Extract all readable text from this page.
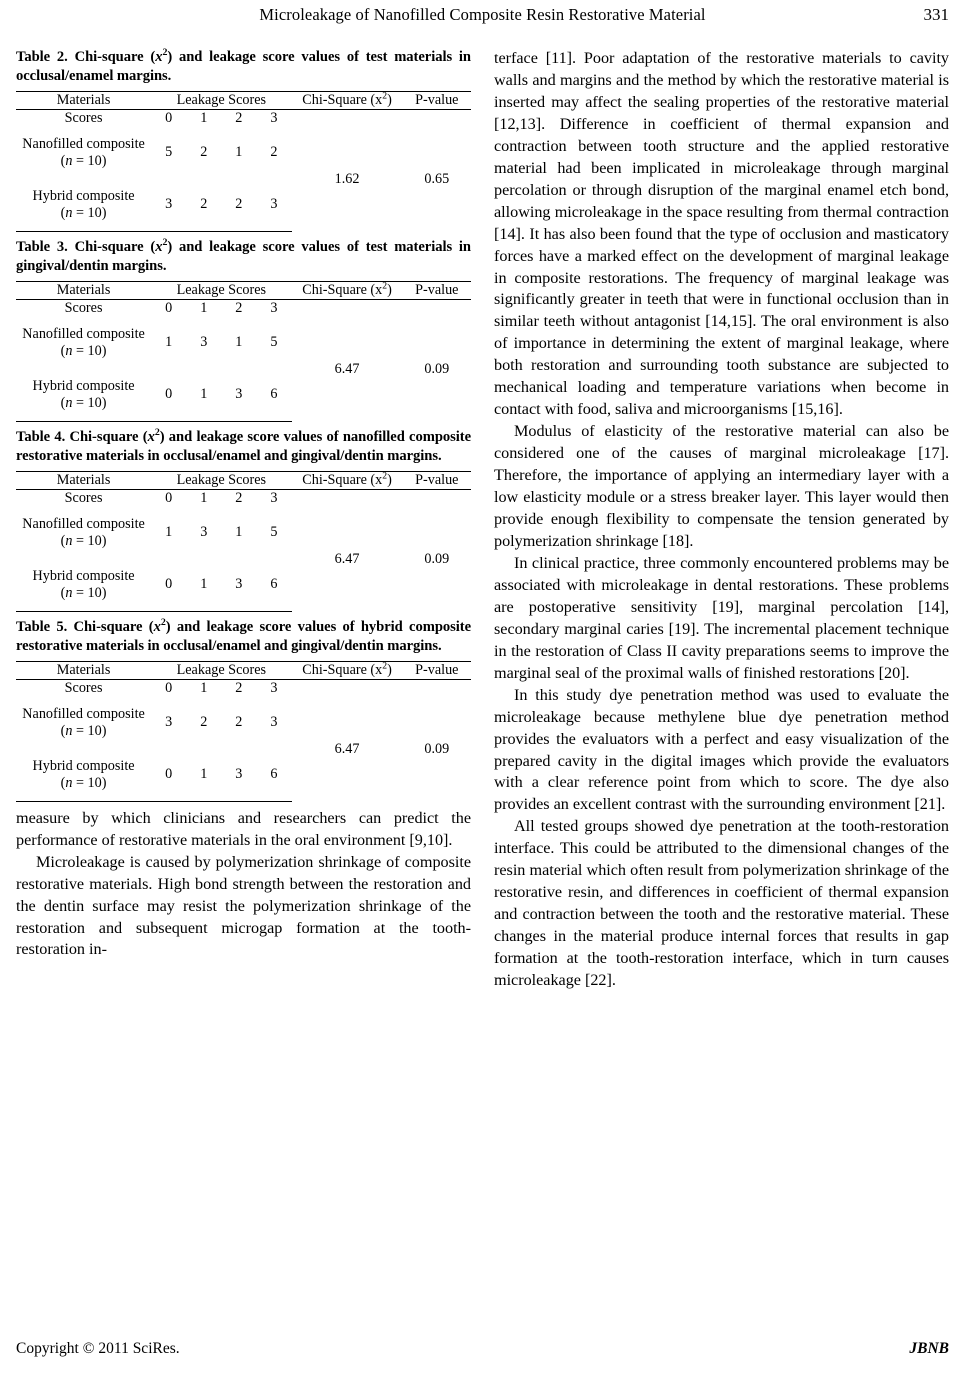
Microleakage of Nanofilled Composite Resin Restorative Material	331
Table 2. Chi-square $(x^2)$ and leakage score values of test materials in occlusal/enamel margins.
Materials	Leakage Scores				Chi-Square $(x^2)$	P-value
Scores	0	1	2	3		
Nanofilled composite
(n = 10)	5	2	1	2	1.62	0.65
Hybrid composite
(n = 10)	3	2	2	3		
Table 3. Chi-square $(x^2)$ and leakage score values of test materials in gingival/dentin margins.
Materials	Leakage Scores				Chi-Square $(x^2)$	P-value
Scores	0	1	2	3		
Nanofilled composite
(n = 10)	1	3	1	5	6.47	0.09
Hybrid composite
(n = 10)	0	1	3	6		
Table 4. Chi-square $(x^2)$ and leakage score values of nanofilled composite restorative materials in occlusal/enamel and gingival/dentin margins.
Materials	Leakage Scores				Chi-Square $(x^2)$	P-value
Scores	0	1	2	3		
Nanofilled composite
(n = 10)	1	3	1	5	6.47	0.09
Hybrid composite
(n = 10)	0	1	3	6		
Table 5. Chi-square $(x^2)$ and leakage score values of hybrid composite restorative materials in occlusal/enamel and gingival/dentin margins.
Materials	Leakage Scores				Chi-Square $(x^2)$	P-value
Scores	0	1	2	3		
Nanofilled composite
(n = 10)	3	2	2	3	6.47	0.09
Hybrid composite
(n = 10)	0	1	3	6		

measure by which clinicians and researchers can predict the performance of restorative materials in the oral environment [9,10].

Microleakage is caused by polymerization shrinkage of composite restorative materials. High bond strength between the restoration and the dentin surface may resist the polymerization shrinkage of the restoration and subsequent microgap formation at the tooth-restoration in-

terface [11]. Poor adaptation of the restorative materials to cavity walls and margins and the method by which the restorative material is inserted may affect the sealing properties of the restorative material [12,13]. Difference in coefficient of thermal expansion and contraction between tooth structure and the applied restorative material had been implicated in microleakage through marginal percolation or through disruption of the marginal enamel etch bond, allowing microleakage in the space resulting from thermal contraction [14]. It has also been found that the type of occlusion and masticatory forces have a marked effect on the development of marginal leakage in composite restorations. The frequency of marginal leakage was significantly greater in teeth that were in functional occlusion than in similar teeth without antagonist [14,15]. The oral environment is also of importance in determining the extent of marginal leakage, where both restoration and surrounding tooth substance are subjected to mechanical loading and temperature variations when become in contact with food, saliva and microorganisms [15,16].

Modulus of elasticity of the restorative material can also be considered one of the causes of marginal microleakage [17]. Therefore, the importance of applying an intermediary layer with a low elasticity module or a stress breaker layer. This layer would then provide enough flexibility to compensate the tension generated by polymerization shrinkage [18].

In clinical practice, three commonly encountered problems may be associated with microleakage in dental restorations. These problems are postoperative sensitivity [19], marginal percolation [14], secondary marginal caries [19]. The incremental placement technique in the restoration of Class II cavity preparations seems to improve the marginal seal of the proximal walls of finished restorations [20].

In this study dye penetration method was used to evaluate the microleakage because methylene blue dye penetration method provides the evaluators with a perfect and easy visualization of the prepared cavity in the digital images which provide the evaluators with a clear reference point from which to score. The dye also provides an excellent contrast with the surrounding environment [21].

All tested groups showed dye penetration at the tooth-restoration interface. This could be attributed to the dimensional changes of the resin material which often result from polymerization shrinkage of the restorative resin, and differences in coefficient of thermal expansion and contraction between the tooth and the restorative material. These changes in the material produce internal forces that results in gap formation at the tooth-restoration interface, which in turn causes microleakage [22].

Copyright © 2011 SciRes.	JBNB
